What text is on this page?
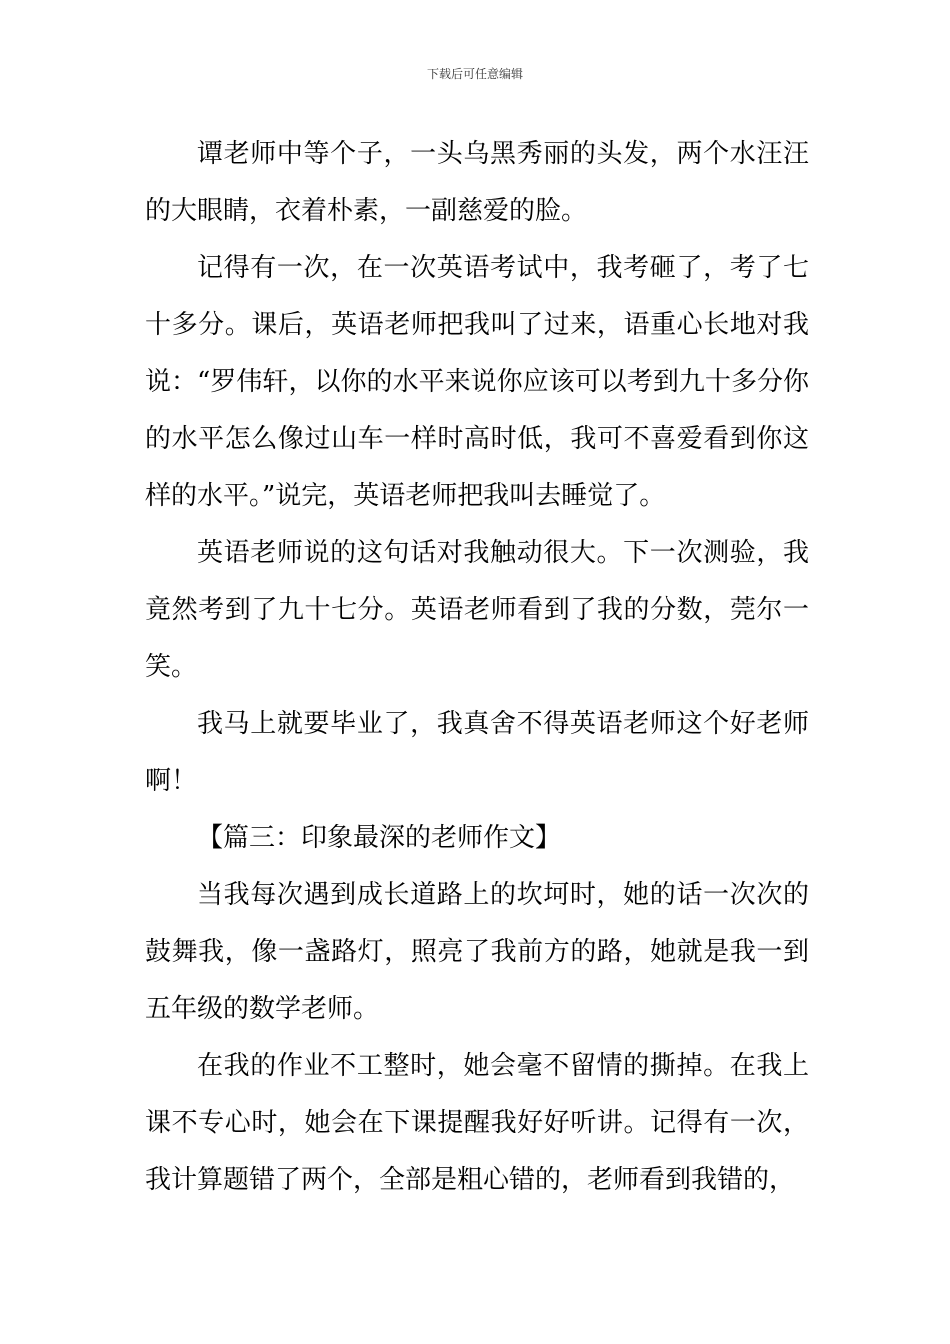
下载后可任意编辑

谭老师中等个子，一头乌黑秀丽的头发，两个水汪汪的大眼睛，衣着朴素，一副慈爱的脸。

记得有一次，在一次英语考试中，我考砸了，考了七十多分。课后，英语老师把我叫了过来，语重心长地对我说：“罗伟轩，以你的水平来说你应该可以考到九十多分你的水平怎么像过山车一样时高时低，我可不喜爱看到你这样的水平。”说完，英语老师把我叫去睡觉了。

英语老师说的这句话对我触动很大。下一次测验，我竟然考到了九十七分。英语老师看到了我的分数，莞尔一笑。

我马上就要毕业了，我真舍不得英语老师这个好老师啊！

【篇三：印象最深的老师作文】

当我每次遇到成长道路上的坎坷时，她的话一次次的鼓舞我，像一盏路灯，照亮了我前方的路，她就是我一到五年级的数学老师。

在我的作业不工整时，她会毫不留情的撕掉。在我上课不专心时，她会在下课提醒我好好听讲。记得有一次，我计算题错了两个，全部是粗心错的，老师看到我错的，
